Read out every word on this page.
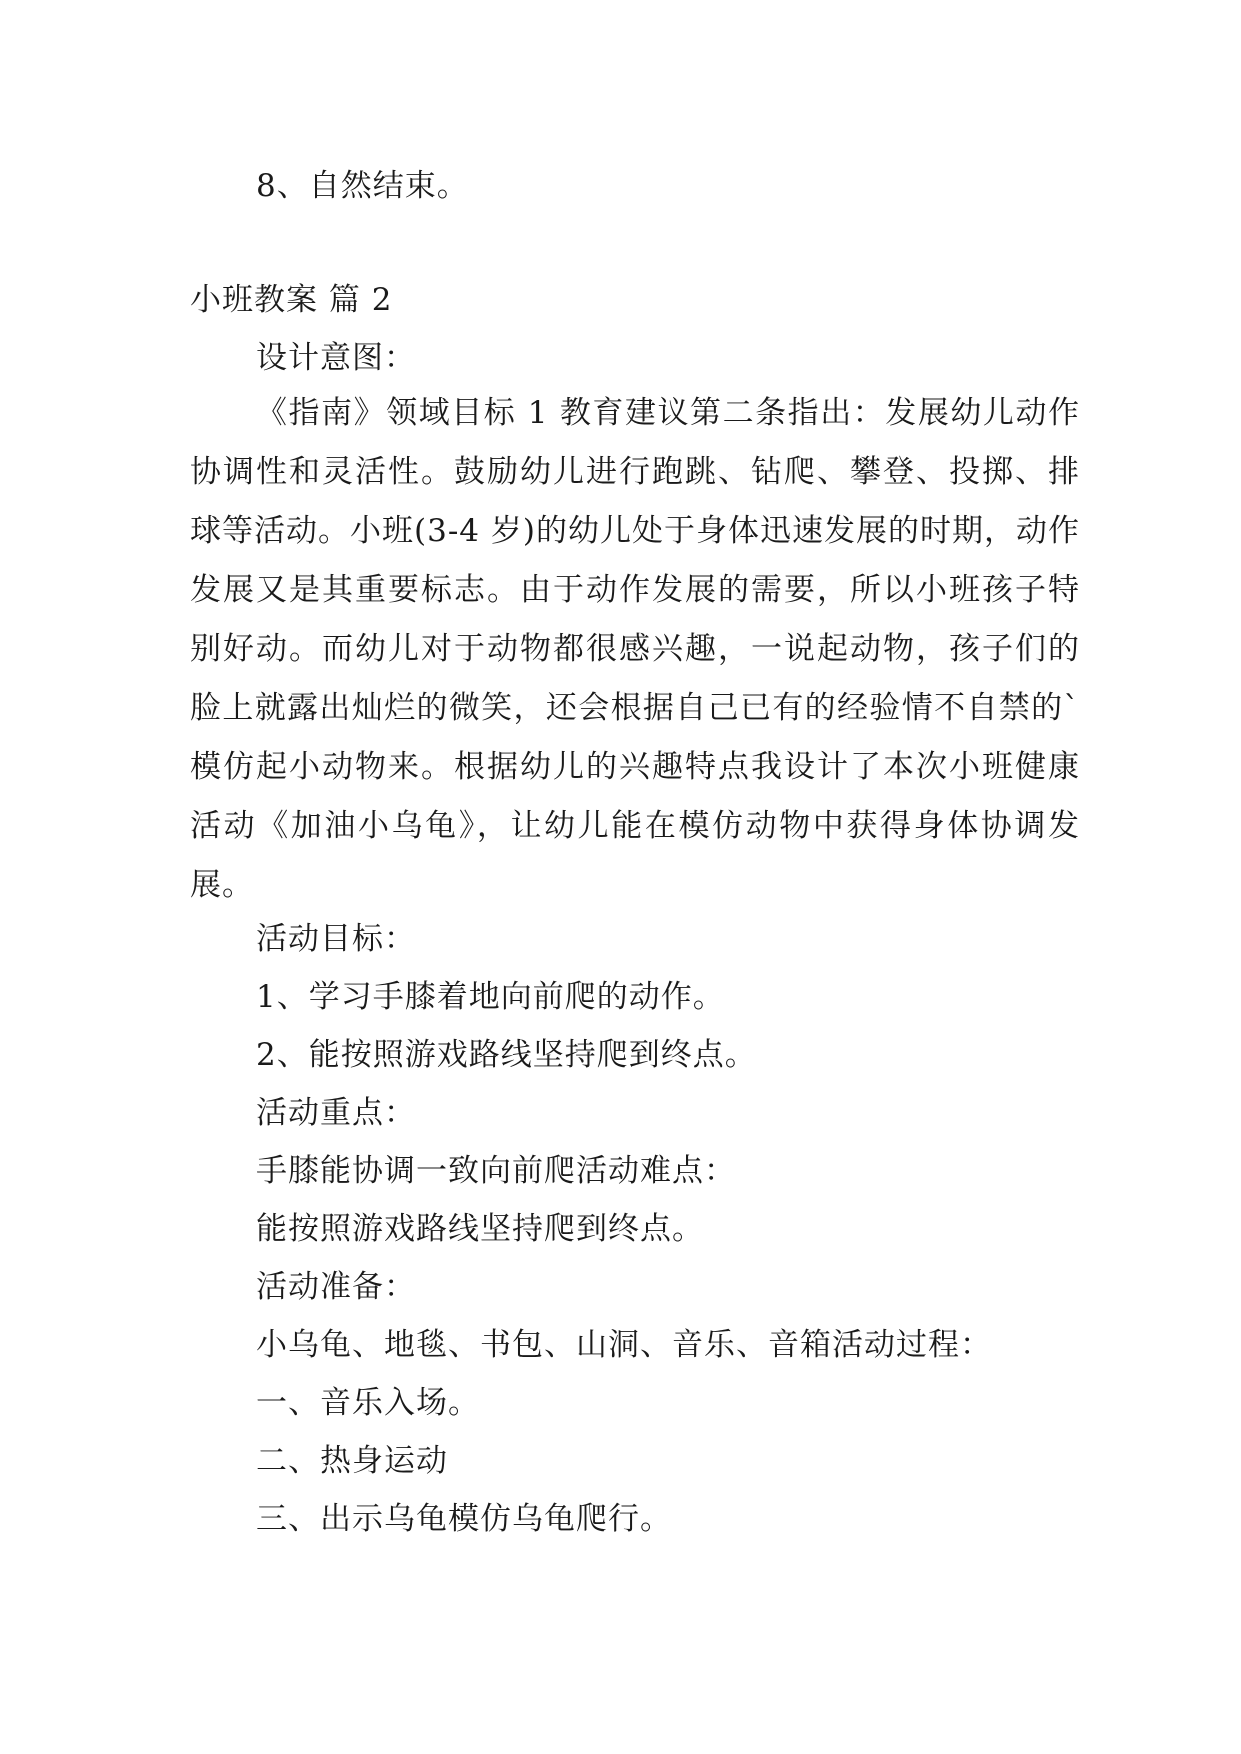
8、自然结束。
小班教案 篇 2
设计意图：

《指南》领域目标 1 教育建议第二条指出：发展幼儿动作协调性和灵活性。鼓励幼儿进行跑跳、钻爬、攀登、投掷、排球等活动。小班(3-4 岁)的幼儿处于身体迅速发展的时期，动作发展又是其重要标志。由于动作发展的需要，所以小班孩子特别好动。而幼儿对于动物都很感兴趣，一说起动物，孩子们的脸上就露出灿烂的微笑，还会根据自己已有的经验情不自禁的`模仿起小动物来。根据幼儿的兴趣特点我设计了本次小班健康活动《加油小乌龟》，让幼儿能在模仿动物中获得身体协调发展。

活动目标：
1、学习手膝着地向前爬的动作。
2、能按照游戏路线坚持爬到终点。
活动重点：
手膝能协调一致向前爬活动难点：
能按照游戏路线坚持爬到终点。
活动准备：
小乌龟、地毯、书包、山洞、音乐、音箱活动过程：
一、音乐入场。
二、热身运动
三、出示乌龟模仿乌龟爬行。
